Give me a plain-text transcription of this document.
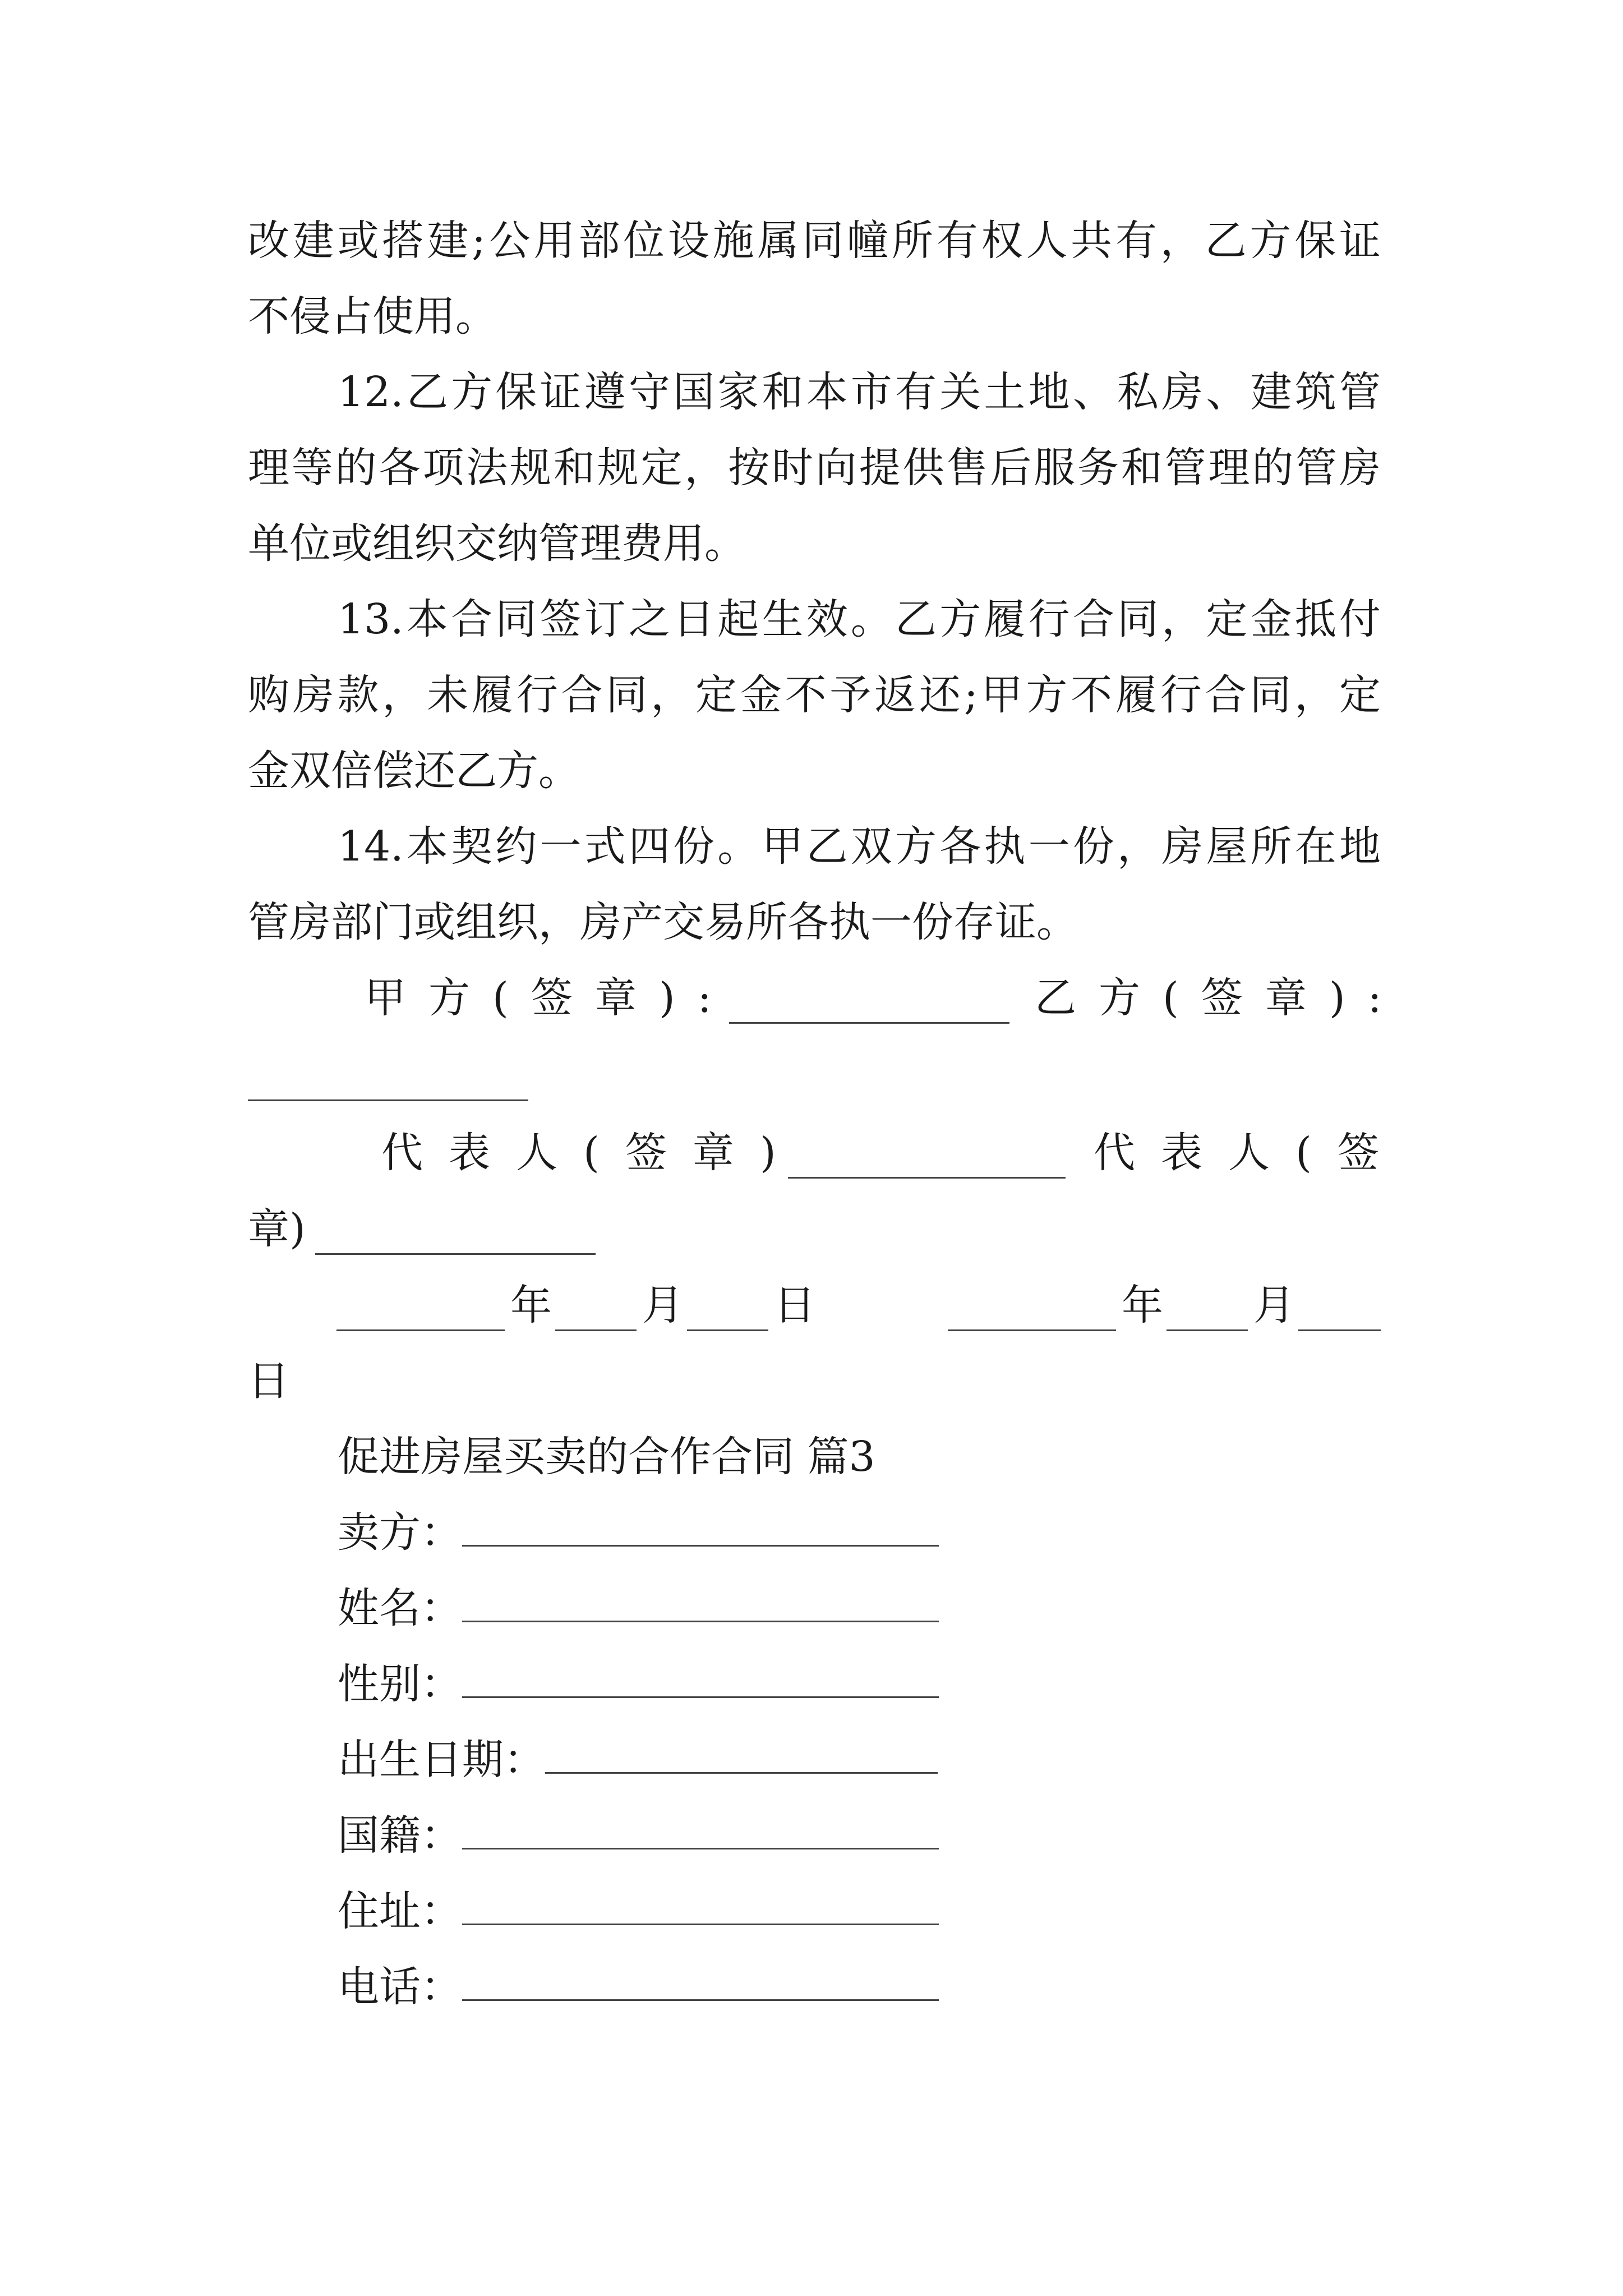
改建或搭建;公用部位设施属同幢所有权人共有，乙方保证
不侵占使用。
12.乙方保证遵守国家和本市有关土地、私房、建筑管
理等的各项法规和规定，按时向提供售后服务和管理的管房
单位或组织交纳管理费用。
13.本合同签订之日起生效。乙方履行合同，定金抵付
购房款，未履行合同，定金不予返还;甲方不履行合同，定
金双倍偿还乙方。
14.本契约一式四份。甲乙双方各执一份，房屋所在地
管房部门或组织，房产交易所各执一份存证。
甲方(签章):	乙方(签章):
代表人(签章)	代表人(签
章)
年 月 日	年 月
日
促进房屋买卖的合作合同 篇3
卖方：
姓名：
性别：
出生日期：
国籍：
住址：
电话：
